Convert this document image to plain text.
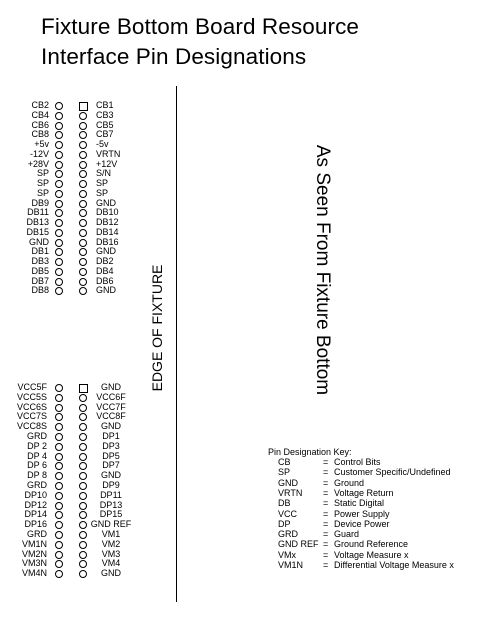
Fixture Bottom Board Resource
Interface Pin Designations
CB2	CB1
CB4	CB3
CB6	CB5
CB8	CB7
+5v	-5v
-12V	VRTN
+28V	+12V
SP	S/N
SP	SP
SP	SP
DB9	GND
DB11	DB10
DB13	DB12
DB15	DB14
GND	DB16
DB1	GND
DB3	DB2
DB5	DB4
DB7	DB6
DB8	GND
VCC5F	GND
VCC5S	VCC6F
VCC6S	VCC7F
VCC7S	VCC8F
VCC8S	GND
GRD	DP1
DP 2	DP3
DP 4	DP5
DP 6	DP7
DP 8	GND
GRD	DP9
DP10	DP11
DP12	DP13
DP14	DP15
DP16	GND REF
GRD	VM1
VM1N	VM2
VM2N	VM3
VM3N	VM4
VM4N	GND
EDGE OF FIXTURE	As Seen From Fixture Bottom
Pin Designation Key:
CB	= Control Bits
SP	= Customer Specific/Undefined
GND	= Ground
VRTN = Voltage Return
DB	= Static Digital
VCC	= Power Supply
DP	= Device Power
GRD	= Guard
GND REF = Ground Reference
VMx	= Voltage Measure x
VM1N = Differential Voltage Measure x
